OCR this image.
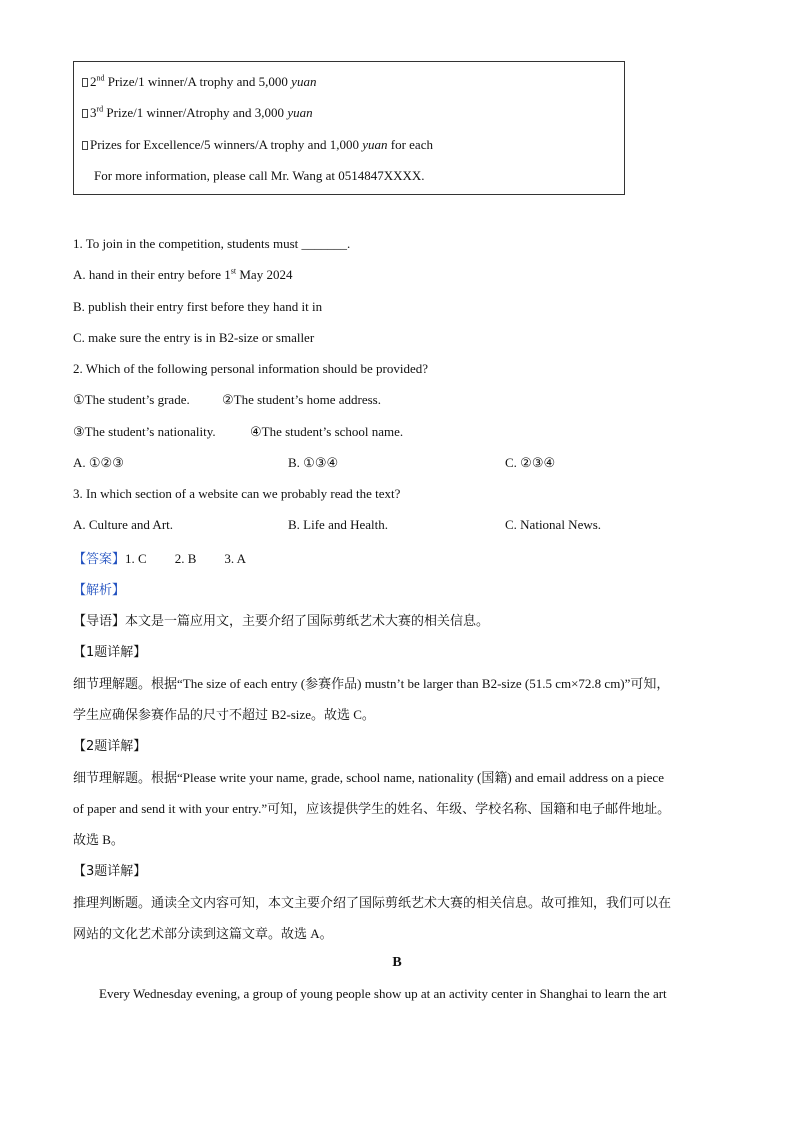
2nd Prize/1 winner/A trophy and 5,000 yuan
3rd Prize/1 winner/Atrophy and 3,000 yuan
Prizes for Excellence/5 winners/A trophy and 1,000 yuan for each
For more information, please call Mr. Wang at 0514847XXXX.
1. To join in the competition, students must _______.
A. hand in their entry before 1st May 2024
B. publish their entry first before they hand it in
C. make sure the entry is in B2-size or smaller
2. Which of the following personal information should be provided?
①The student’s grade. ②The student’s home address.
③The student’s nationality.	④The student’s school name.
A. ①②③	B. ①③④	C. ②③④
3. In which section of a website can we probably read the text?
A. Culture and Art.	B. Life and Health.	C. National News.
【答案】1. C 2. B 3. A
【解析】
【导语】本文是一篇应用文，主要介绍了国际剪纸艺术大赛的相关信息。
【1题详解】
细节理解题。根据“The size of each entry (参赛作品) mustn’t be larger than B2-size (51.5 cm×72.8 cm)”可知，
学生应确保参赛作品的尺寸不超过 B2-size。故选 C。
【2题详解】
细节理解题。根据“Please write your name, grade, school name, nationality (国籍) and email address on a piece
of paper and send it with your entry.”可知，应该提供学生的姓名、年级、学校名称、国籍和电子邮件地址。
故选 B。
【3题详解】
推理判断题。通读全文内容可知，本文主要介绍了国际剪纸艺术大赛的相关信息。故可推知，我们可以在
网站的文化艺术部分读到这篇文章。故选 A。
B
Every Wednesday evening, a group of young people show up at an activity center in Shanghai to learn the art
